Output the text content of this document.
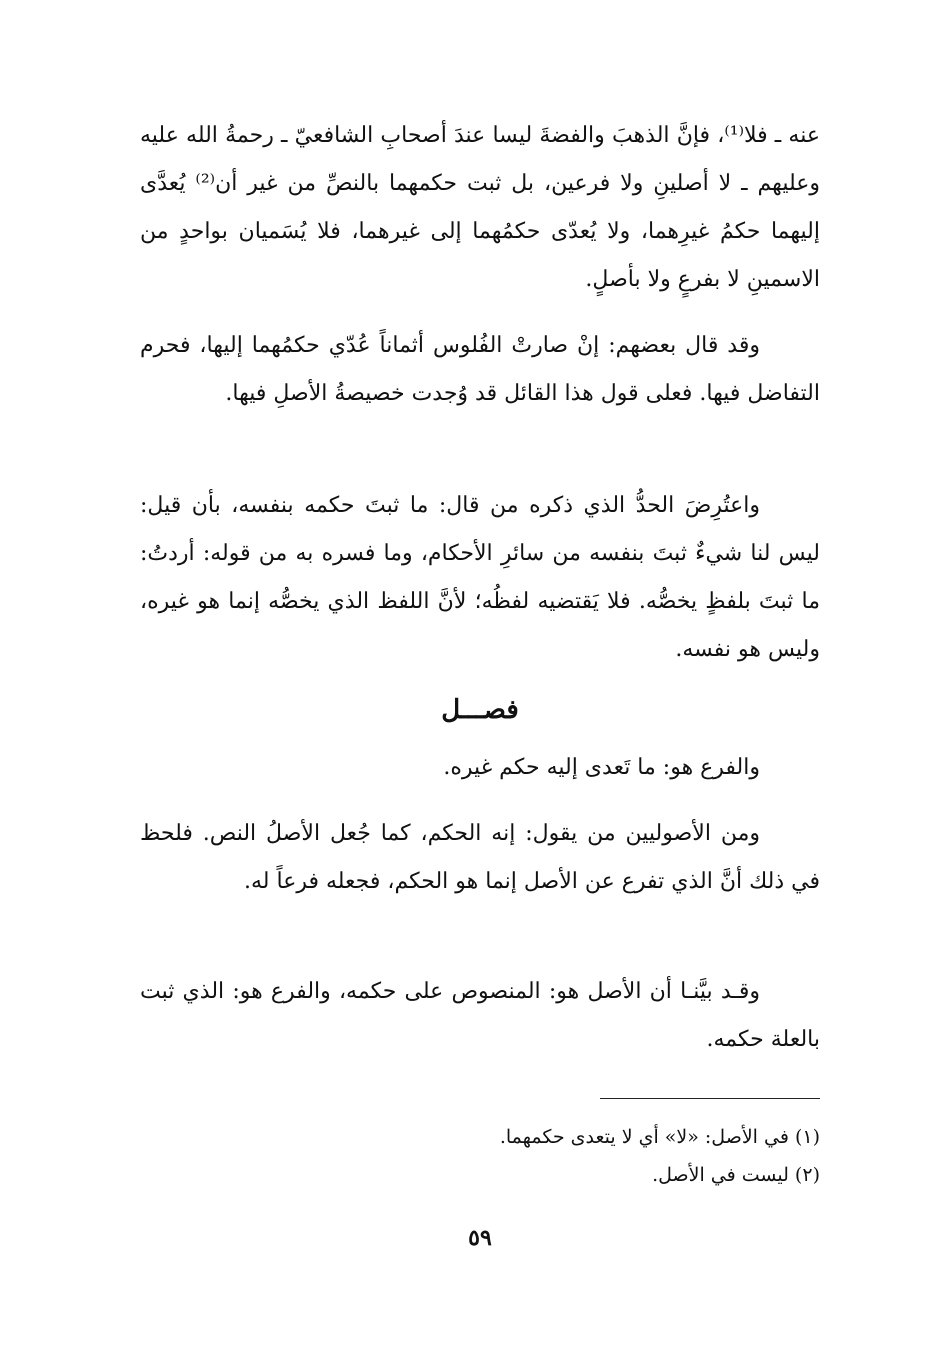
عنه ـ فلا⁽¹⁾، فإنَّ الذهبَ والفضةَ ليسا عندَ أصحابِ الشافعيّ ـ رحمةُ الله عليه وعليهم ـ لا أصلينِ ولا فرعين، بل ثبت حكمهما بالنصِّ من غير أن⁽²⁾ يُعدَّى إليهما حكمُ غيرِهما، ولا يُعدّى حكمُهما إلى غيرهما، فلا يُسَميان بواحدٍ من الاسمينِ لا بفرعٍ ولا بأصلٍ.

وقد قال بعضهم: إنْ صارتْ الفُلوس أثماناً عُدّي حكمُهما إليها، فحرم التفاضل فيها. فعلى قول هذا القائل قد وُجدت خصيصةُ الأصلِ فيها.

واعتُرِضَ الحدُّ الذي ذكره من قال: ما ثبتَ حكمه بنفسه، بأن قيل: ليس لنا شيءٌ ثبتَ بنفسه من سائرِ الأحكام، وما فسره به من قوله: أردتُ: ما ثبتَ بلفظٍ يخصُّه. فلا يَقتضيه لفظُه؛ لأنَّ اللفظ الذي يخصُّه إنما هو غيره، وليس هو نفسه.

فصـــل

والفرع هو: ما تَعدى إليه حكم غيره.

ومن الأصوليين من يقول: إنه الحكم، كما جُعل الأصلُ النص. فلحظ في ذلك أنَّ الذي تفرع عن الأصل إنما هو الحكم، فجعله فرعاً له.

وقـد بيَّنـا أن الأصل هو: المنصوص على حكمه، والفرع هو: الذي ثبت بالعلة حكمه.

(١) في الأصل: «لا» أي لا يتعدى حكمهما.

(٢) ليست في الأصل.

٥٩
